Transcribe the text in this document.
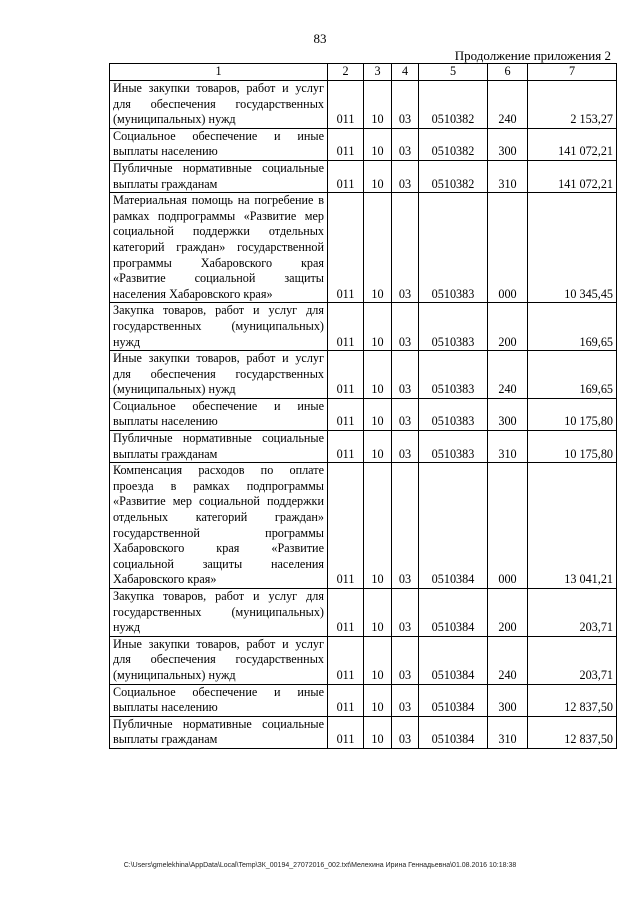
83
Продолжение приложения 2
1	2	3	4	5	6	7
Иные закупки товаров, работ и услуг для обеспечения государственных (муниципальных) нужд	011	10	03	0510382	240	2 153,27
Социальное обеспечение и иные выплаты населению	011	10	03	0510382	300	141 072,21
Публичные нормативные социальные выплаты гражданам	011	10	03	0510382	310	141 072,21
Материальная помощь на погребение в рамках подпрограммы «Развитие мер социальной поддержки отдельных категорий граждан» государственной программы Хабаровского края «Развитие социальной защиты населения Хабаровского края»	011	10	03	0510383	000	10 345,45
Закупка товаров, работ и услуг для государственных (муниципальных) нужд	011	10	03	0510383	200	169,65
Иные закупки товаров, работ и услуг для обеспечения государственных (муниципальных) нужд	011	10	03	0510383	240	169,65
Социальное обеспечение и иные выплаты населению	011	10	03	0510383	300	10 175,80
Публичные нормативные социальные выплаты гражданам	011	10	03	0510383	310	10 175,80
Компенсация расходов по оплате проезда в рамках подпрограммы «Развитие мер социальной поддержки отдельных категорий граждан» государственной программы Хабаровского края «Развитие социальной защиты населения Хабаровского края»	011	10	03	0510384	000	13 041,21
Закупка товаров, работ и услуг для государственных (муниципальных) нужд	011	10	03	0510384	200	203,71
Иные закупки товаров, работ и услуг для обеспечения государственных (муниципальных) нужд	011	10	03	0510384	240	203,71
Социальное обеспечение и иные выплаты населению	011	10	03	0510384	300	12 837,50
Публичные нормативные социальные выплаты гражданам	011	10	03	0510384	310	12 837,50
C:\Users\gmelekhina\AppData\Local\Temp\ЗК_00194_27072016_002.txt\Мелехина Ирина Геннадьевна\01.08.2016 10:18:38
